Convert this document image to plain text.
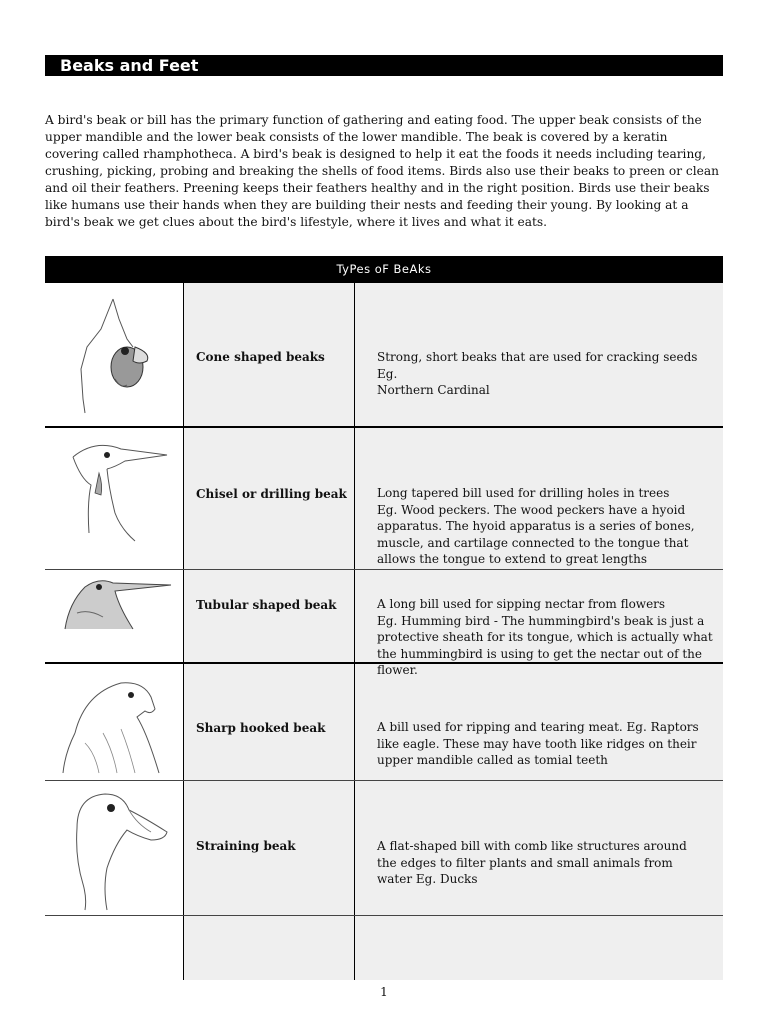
Beaks and Feet

A bird's beak or bill has the primary function of gathering and eating food. The upper beak consists of the upper mandible and the lower beak consists of the lower mandible. The beak is covered by a keratin covering called rhamphotheca. A bird's beak is designed to help it eat the foods it needs including tearing, crushing, picking, probing and breaking the shells of food items. Birds also use their beaks to preen or clean and oil their feathers. Preening keeps their feathers healthy and in the right position. Birds use their beaks like humans use their hands when they are building their nests and feeding their young. By looking at a bird's beak we get clues about the bird's lifestyle, where it lives and what it eats.

TyPes oF BeAks
Cone shaped beaks	Strong, short beaks that are used for cracking seeds Eg.
Northern Cardinal
Chisel or drilling beak	Long tapered bill used for drilling holes in trees
Eg. Wood peckers. The wood peckers have a hyoid apparatus. The hyoid apparatus is a series of bones, muscle, and cartilage connected to the tongue that allows the tongue to extend to great lengths
Tubular shaped beak	A long bill used for sipping nectar from flowers
Eg. Humming bird - The hummingbird's beak is just a protective sheath for its tongue, which is actually what the hummingbird is using to get the nectar out of the flower.
Sharp hooked beak	A bill used for ripping and tearing meat. Eg. Raptors like eagle. These may have tooth like ridges on their upper mandible called as tomial teeth
Straining beak	A flat-shaped bill with comb like structures around
the edges to filter plants and small animals from
water Eg. Ducks
1
